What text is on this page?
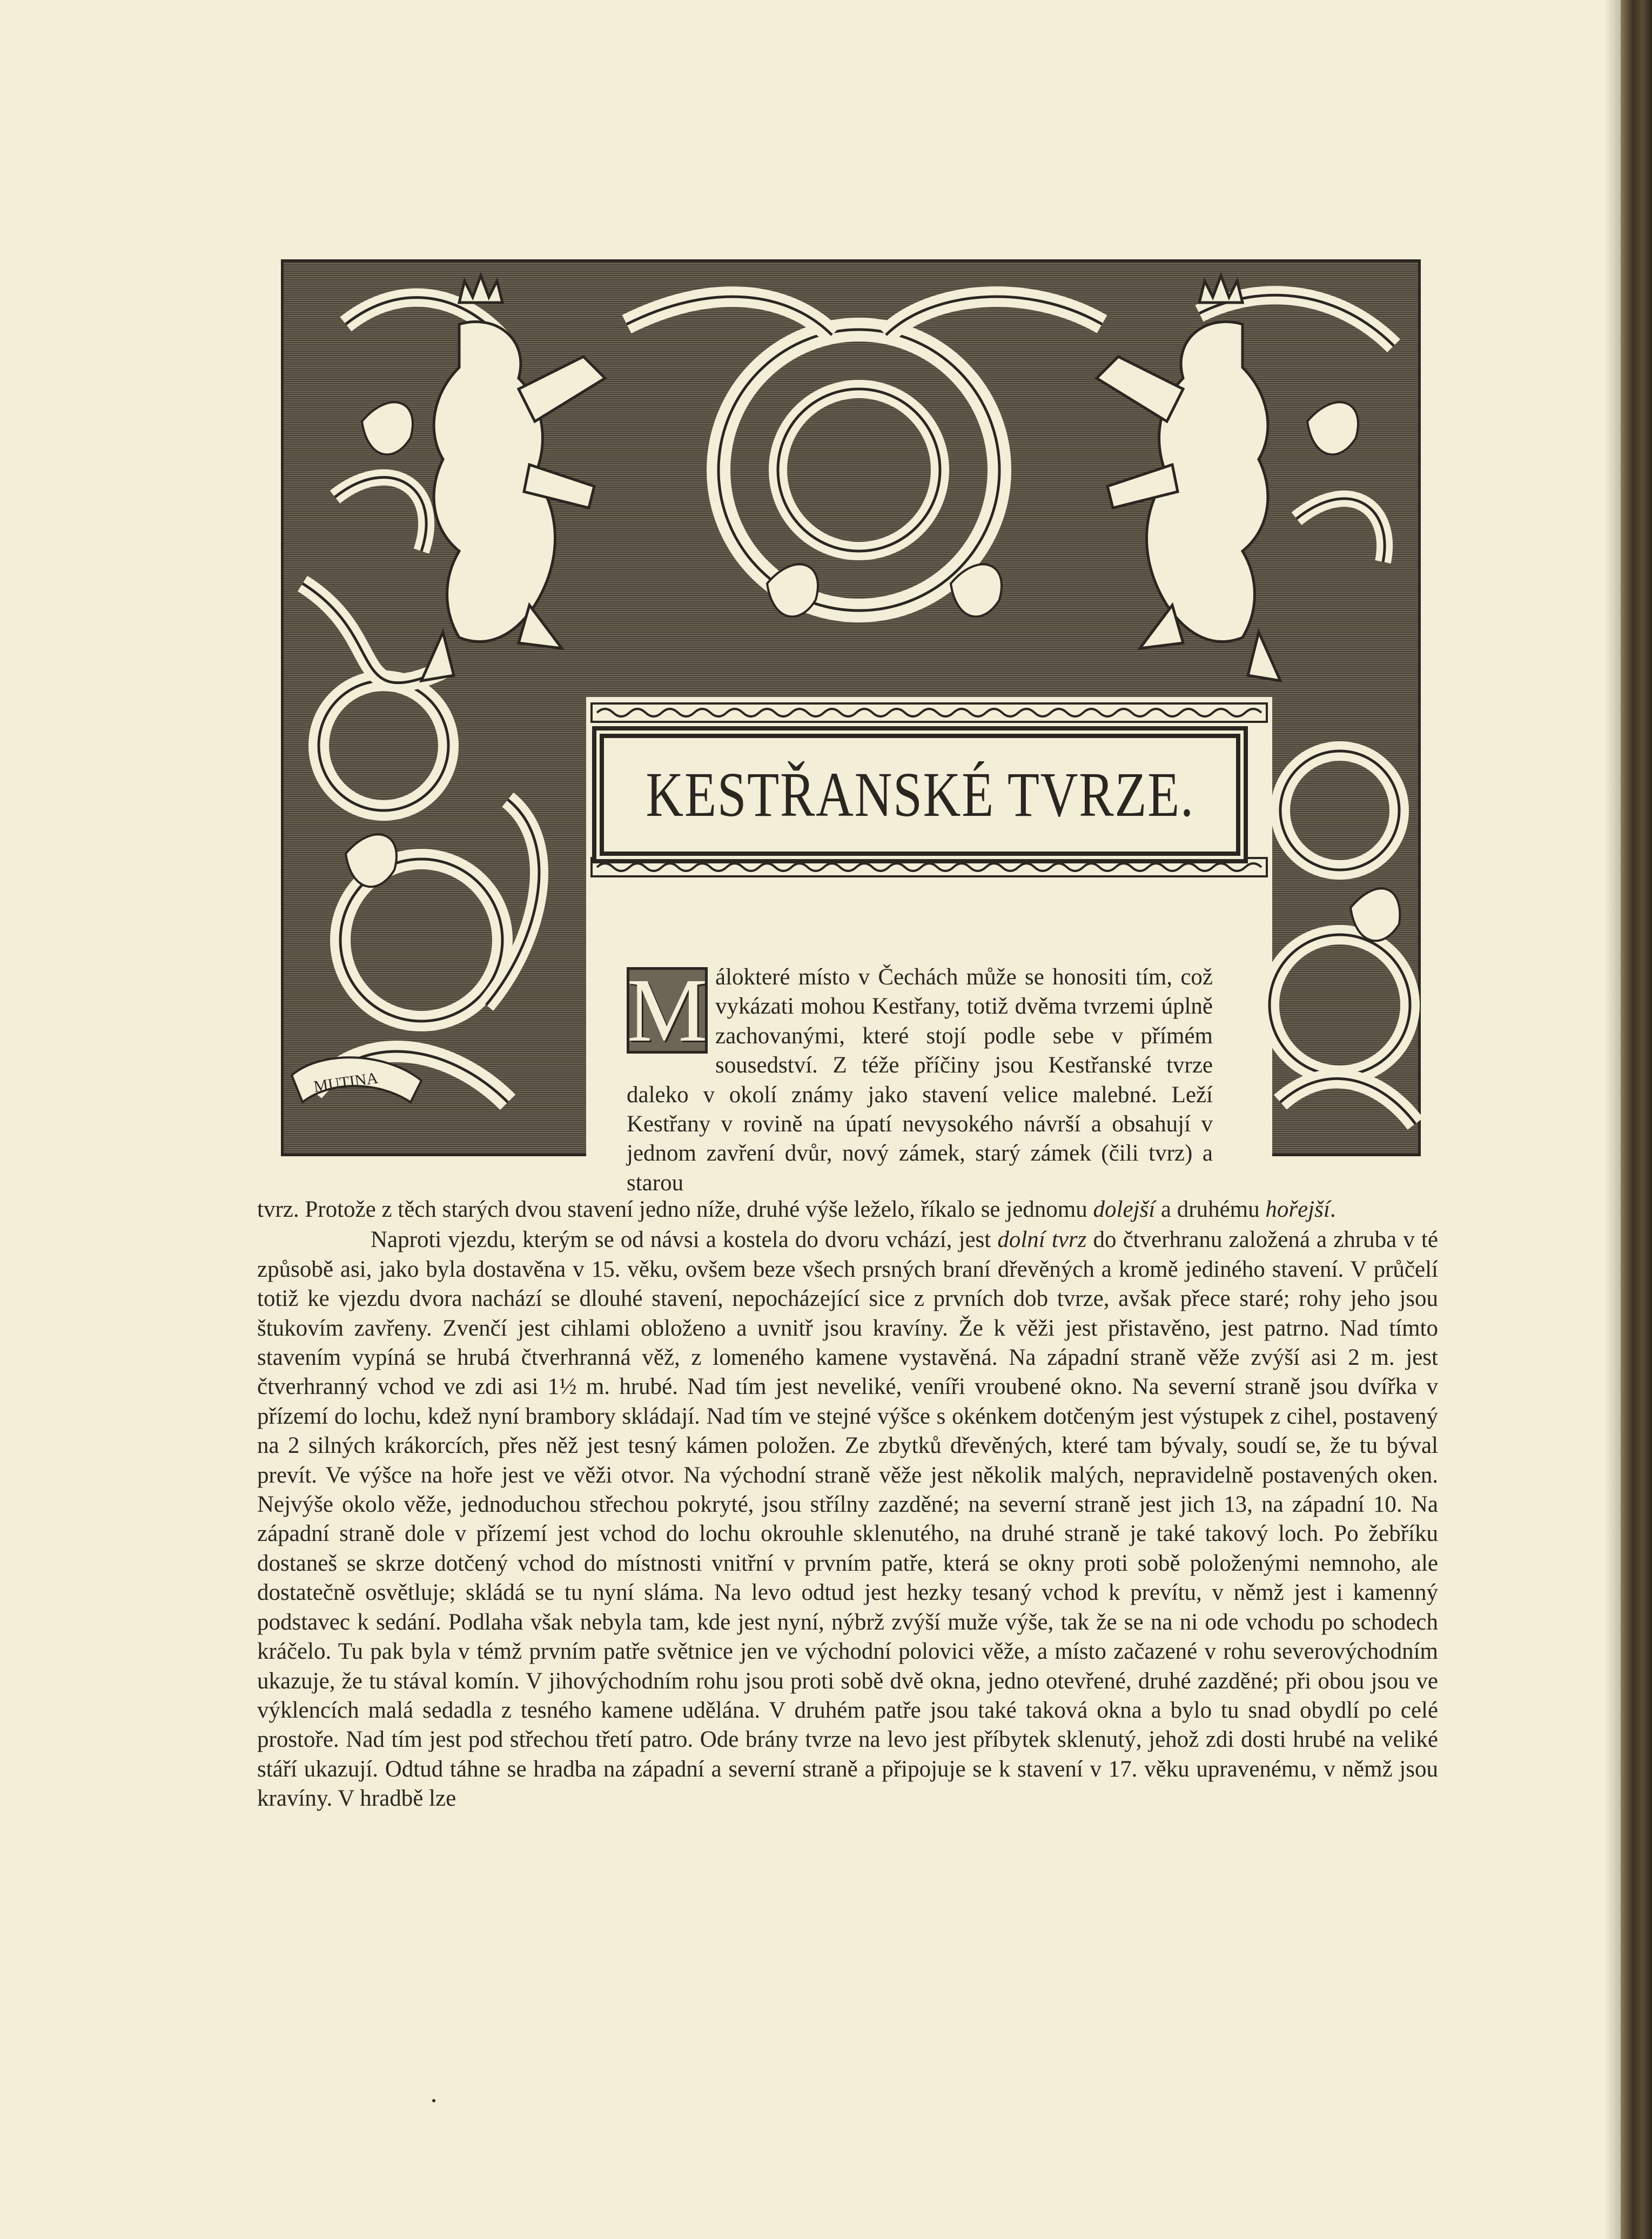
MUTINA
KESTŘANSKÉ TVRZE.
M áloktеré místo v Čechách může se honositi tím, což vykázati mohou Kestřany, totiž dvěma tvrzemi úplně zachovanými, které stojí podle sebe v přímém sousedství. Z téže příčiny jsou Kestřanské tvrze daleko v okolí známy jako stavení velice malebné. Leží Kestřany v rovině na úpatí nevysokého návrší a obsahují v jednom zavření dvůr, nový zámek, starý zámek (čili tvrz) a starou

tvrz. Protože z těch starých dvou stavení jedno níže, druhé výše leželo, říkalo se jednomu dolejší a druhému hořejší.

Naproti vjezdu, kterým se od návsi a kostela do dvoru vchází, jest dolní tvrz do čtverhranu založená a zhruba v té způsobě asi, jako byla dostavěna v 15. věku, ovšem beze všech prsných braní dřevěných a kromě jediného stavení. V průčelí totiž ke vjezdu dvora nachází se dlouhé stavení, nepocházející sice z prvních dob tvrze, avšak přece staré; rohy jeho jsou štukovím zavřeny. Zvenčí jest cihlami obloženo a uvnitř jsou kravíny. Že k věži jest přistavěno, jest patrno. Nad tímto stavením vypíná se hrubá čtverhranná věž, z lomeného kamene vystavěná. Na západní straně věže zvýší asi 2 m. jest čtverhranný vchod ve zdi asi 1½ m. hrubé. Nad tím jest neveliké, veníři vroubené okno. Na severní straně jsou dvířka v přízemí do lochu, kdež nyní brambory skládají. Nad tím ve stejné výšce s okénkem dotčeným jest výstupek z cihel, postavený na 2 silných krákorcích, přes něž jest tesný kámen položen. Ze zbytků dřevěných, které tam bývaly, soudí se, že tu býval prevít. Ve výšce na hoře jest ve věži otvor. Na východní straně věže jest několik malých, nepravidelně postavených oken. Nejvýše okolo věže, jednoduchou střechou pokryté, jsou střílny zazděné; na severní straně jest jich 13, na západní 10. Na západní straně dole v přízemí jest vchod do lochu okrouhle sklenutého, na druhé straně je také takový loch. Po žebříku dostaneš se skrze dotčený vchod do místnosti vnitřní v prvním patře, která se okny proti sobě položenými nemnoho, ale dostatečně osvětluje; skládá se tu nyní sláma. Na levo odtud jest hezky tesaný vchod k prevítu, v němž jest i kamenný podstavec k sedání. Podlaha však nebyla tam, kde jest nyní, nýbrž zvýší muže výše, tak že se na ni ode vchodu po schodech kráčelo. Tu pak byla v témž prvním patře světnice jen ve východní polovici věže, a místo začazené v rohu severovýchodním ukazuje, že tu stával komín. V jihovýchodním rohu jsou proti sobě dvě okna, jedno otevřené, druhé zazděné; při obou jsou ve výklencích malá sedadla z tesného kamene udělána. V druhém patře jsou také taková okna a bylo tu snad obydlí po celé prostoře. Nad tím jest pod střechou třetí patro. Ode brány tvrze na levo jest příbytek sklenutý, jehož zdi dosti hrubé na veliké stáří ukazují. Odtud táhne se hradba na západní a severní straně a připojuje se k stavení v 17. věku upravenému, v němž jsou kravíny. V hradbě lze
